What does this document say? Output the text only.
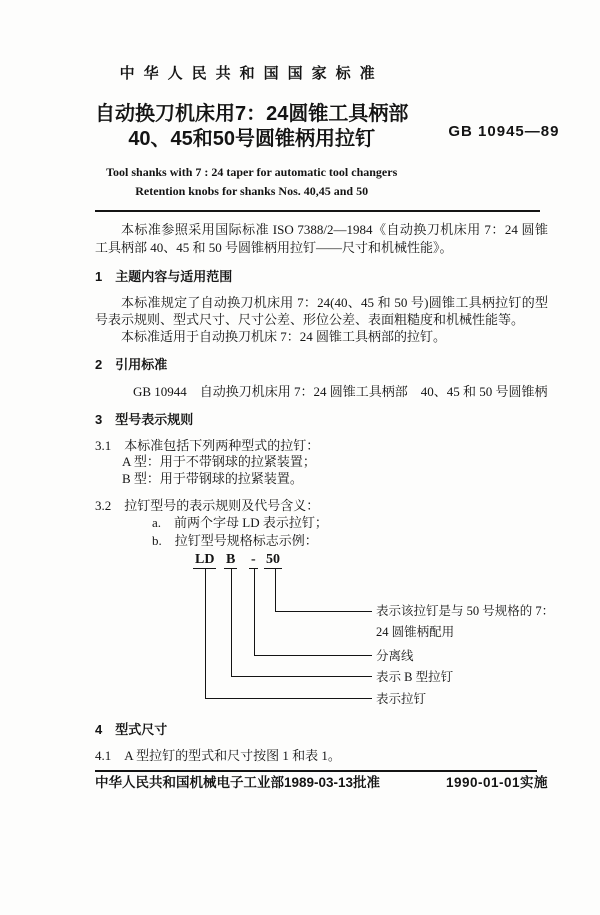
中华人民共和国国家标准
自动换刀机床用7：24圆锥工具柄部
40、45和50号圆锥柄用拉钉
Tool shanks with 7 : 24 taper for automatic tool changers
Retention knobs for shanks Nos. 40,45 and 50
GB 10945—89

本标准参照采用国际标准 ISO 7388/2—1984《自动换刀机床用 7：24 圆锥工具柄部 40、45 和 50 号圆锥柄用拉钉——尺寸和机械性能》。

1　主题内容与适用范围

本标准规定了自动换刀机床用 7：24(40、45 和 50 号)圆锥工具柄拉钉的型号表示规则、型式尺寸、尺寸公差、形位公差、表面粗糙度和机械性能等。

本标准适用于自动换刀机床 7：24 圆锥工具柄部的拉钉。

2　引用标准

GB 10944　自动换刀机床用 7：24 圆锥工具柄部　40、45 和 50 号圆锥柄

3　型号表示规则

3.1　本标准包括下列两种型式的拉钉：

A 型：用于不带钢球的拉紧装置；

B 型：用于带钢球的拉紧装置。

3.2　拉钉型号的表示规则及代号含义：

a.　前两个字母 LD 表示拉钉；

b.　拉钉型号规格标志示例：

LD B - 50
表示该拉钉是与 50 号规格的 7：24 圆锥柄配用
分离线
表示 B 型拉钉
表示拉钉
4　型式尺寸

4.1　A 型拉钉的型式和尺寸按图 1 和表 1。

中华人民共和国机械电子工业部1989-03-13批准	1990-01-01实施
